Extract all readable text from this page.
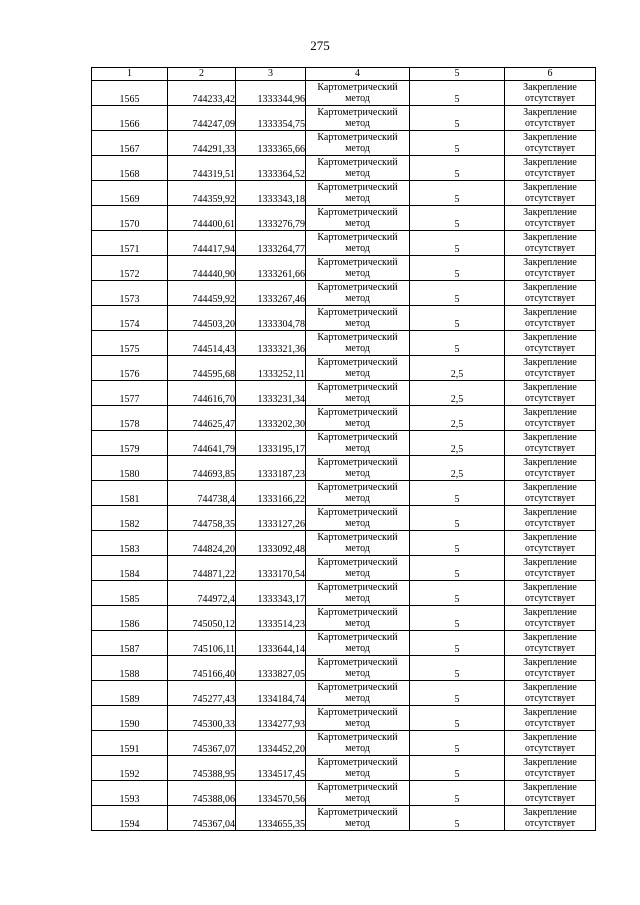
275
1	2	3	4	5	6
1565	744233,42	1333344,96	Картометрический метод	5	Закрепление отсутствует
1566	744247,09	1333354,75	Картометрический метод	5	Закрепление отсутствует
1567	744291,33	1333365,66	Картометрический метод	5	Закрепление отсутствует
1568	744319,51	1333364,52	Картометрический метод	5	Закрепление отсутствует
1569	744359,92	1333343,18	Картометрический метод	5	Закрепление отсутствует
1570	744400,61	1333276,79	Картометрический метод	5	Закрепление отсутствует
1571	744417,94	1333264,77	Картометрический метод	5	Закрепление отсутствует
1572	744440,90	1333261,66	Картометрический метод	5	Закрепление отсутствует
1573	744459,92	1333267,46	Картометрический метод	5	Закрепление отсутствует
1574	744503,20	1333304,78	Картометрический метод	5	Закрепление отсутствует
1575	744514,43	1333321,36	Картометрический метод	5	Закрепление отсутствует
1576	744595,68	1333252,11	Картометрический метод	2,5	Закрепление отсутствует
1577	744616,70	1333231,34	Картометрический метод	2,5	Закрепление отсутствует
1578	744625,47	1333202,30	Картометрический метод	2,5	Закрепление отсутствует
1579	744641,79	1333195,17	Картометрический метод	2,5	Закрепление отсутствует
1580	744693,85	1333187,23	Картометрический метод	2,5	Закрепление отсутствует
1581	744738,4	1333166,22	Картометрический метод	5	Закрепление отсутствует
1582	744758,35	1333127,26	Картометрический метод	5	Закрепление отсутствует
1583	744824,20	1333092,48	Картометрический метод	5	Закрепление отсутствует
1584	744871,22	1333170,54	Картометрический метод	5	Закрепление отсутствует
1585	744972,4	1333343,17	Картометрический метод	5	Закрепление отсутствует
1586	745050,12	1333514,23	Картометрический метод	5	Закрепление отсутствует
1587	745106,11	1333644,14	Картометрический метод	5	Закрепление отсутствует
1588	745166,40	1333827,05	Картометрический метод	5	Закрепление отсутствует
1589	745277,43	1334184,74	Картометрический метод	5	Закрепление отсутствует
1590	745300,33	1334277,93	Картометрический метод	5	Закрепление отсутствует
1591	745367,07	1334452,20	Картометрический метод	5	Закрепление отсутствует
1592	745388,95	1334517,45	Картометрический метод	5	Закрепление отсутствует
1593	745388,06	1334570,56	Картометрический метод	5	Закрепление отсутствует
1594	745367,04	1334655,35	Картометрический метод	5	Закрепление отсутствует
